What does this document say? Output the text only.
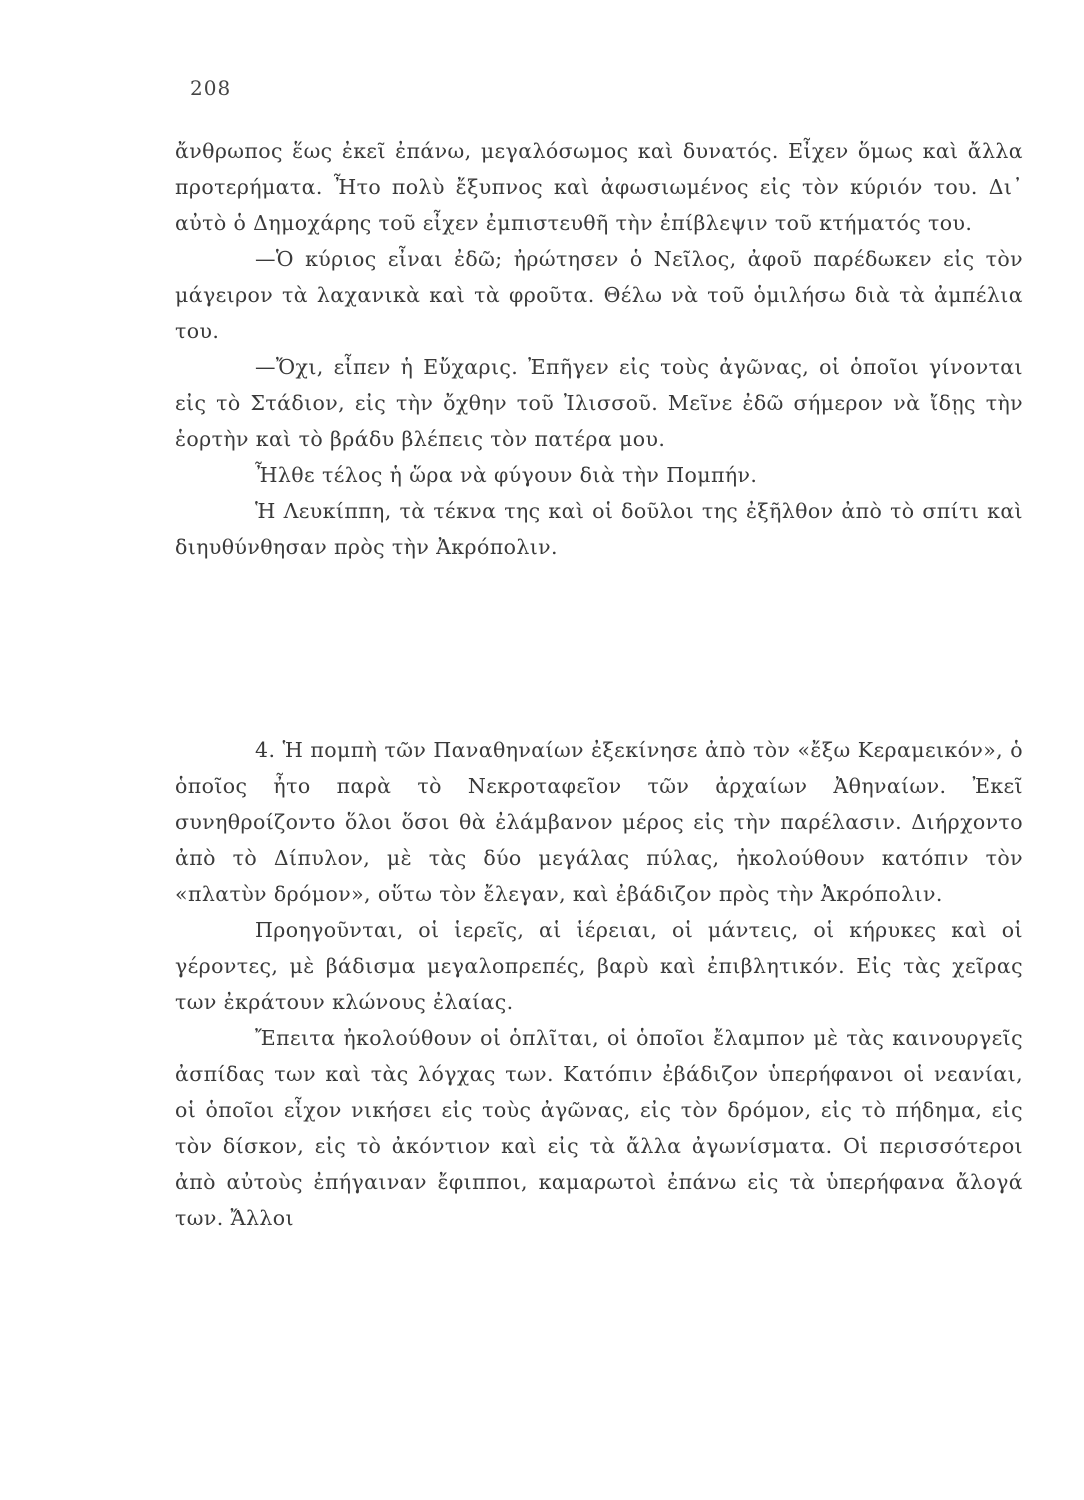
208

ἄνθρωπος ἕως ἐκεῖ ἐπάνω, μεγαλόσωμος καὶ δυνατός. Εἶχεν ὅμως καὶ ἄλλα προτερήματα. Ἦτο πολὺ ἔξυπνος καὶ ἀφωσιωμένος εἰς τὸν κύριόν του. Δι᾽ αὐτὸ ὁ Δημοχάρης τοῦ εἶχεν ἐμπιστευθῆ τὴν ἐπίβλεψιν τοῦ κτήματός του.

—Ὁ κύριος εἶναι ἐδῶ; ἠρώτησεν ὁ Νεῖλος, ἀφοῦ παρέδωκεν εἰς τὸν μάγειρον τὰ λαχανικὰ καὶ τὰ φροῦτα. Θέλω νὰ τοῦ ὁμιλήσω διὰ τὰ ἀμπέλια του.

—Ὄχι, εἶπεν ἡ Εὔχαρις. Ἐπῆγεν εἰς τοὺς ἀγῶνας, οἱ ὁποῖοι γίνονται εἰς τὸ Στάδιον, εἰς τὴν ὄχθην τοῦ Ἰλισσοῦ. Μεῖνε ἐδῶ σήμερον νὰ ἴδῃς τὴν ἑορτὴν καὶ τὸ βράδυ βλέπεις τὸν πατέρα μου.

Ἦλθε τέλος ἡ ὥρα νὰ φύγουν διὰ τὴν Πομπήν.

Ἡ Λευκίππη, τὰ τέκνα της καὶ οἱ δοῦλοι της ἐξῆλθον ἀπὸ τὸ σπίτι καὶ διηυθύνθησαν πρὸς τὴν Ἀκρόπολιν.

4. Ἡ πομπὴ τῶν Παναθηναίων ἐξεκίνησε ἀπὸ τὸν «ἔξω Κεραμεικόν», ὁ ὁποῖος ἦτο παρὰ τὸ Νεκροταφεῖον τῶν ἀρχαίων Ἀθηναίων. Ἐκεῖ συνηθροίζοντο ὅλοι ὅσοι θὰ ἐλάμβανον μέρος εἰς τὴν παρέλασιν. Διήρχοντο ἀπὸ τὸ Δίπυλον, μὲ τὰς δύο μεγάλας πύλας, ἠκολούθουν κατόπιν τὸν «πλατὺν δρόμον», οὕτω τὸν ἔλεγαν, καὶ ἐβάδιζον πρὸς τὴν Ἀκρόπολιν.

Προηγοῦνται, οἱ ἱερεῖς, αἱ ἱέρειαι, οἱ μάντεις, οἱ κήρυκες καὶ οἱ γέροντες, μὲ βάδισμα μεγαλοπρεπές, βαρὺ καὶ ἐπιβλητικόν. Εἰς τὰς χεῖρας των ἐκράτουν κλώνους ἐλαίας.

Ἔπειτα ἠκολούθουν οἱ ὁπλῖται, οἱ ὁποῖοι ἔλαμπον μὲ τὰς καινουργεῖς ἀσπίδας των καὶ τὰς λόγχας των. Κατόπιν ἐβάδιζον ὑπερήφανοι οἱ νεανίαι, οἱ ὁποῖοι εἶχον νικήσει εἰς τοὺς ἀγῶνας, εἰς τὸν δρόμον, εἰς τὸ πήδημα, εἰς τὸν δίσκον, εἰς τὸ ἀκόντιον καὶ εἰς τὰ ἄλλα ἀγωνίσματα. Οἱ περισσότεροι ἀπὸ αὐτοὺς ἐπήγαιναν ἔφιπποι, καμαρωτοὶ ἐπάνω εἰς τὰ ὑπερήφανα ἄλογά των. Ἄλλοι
